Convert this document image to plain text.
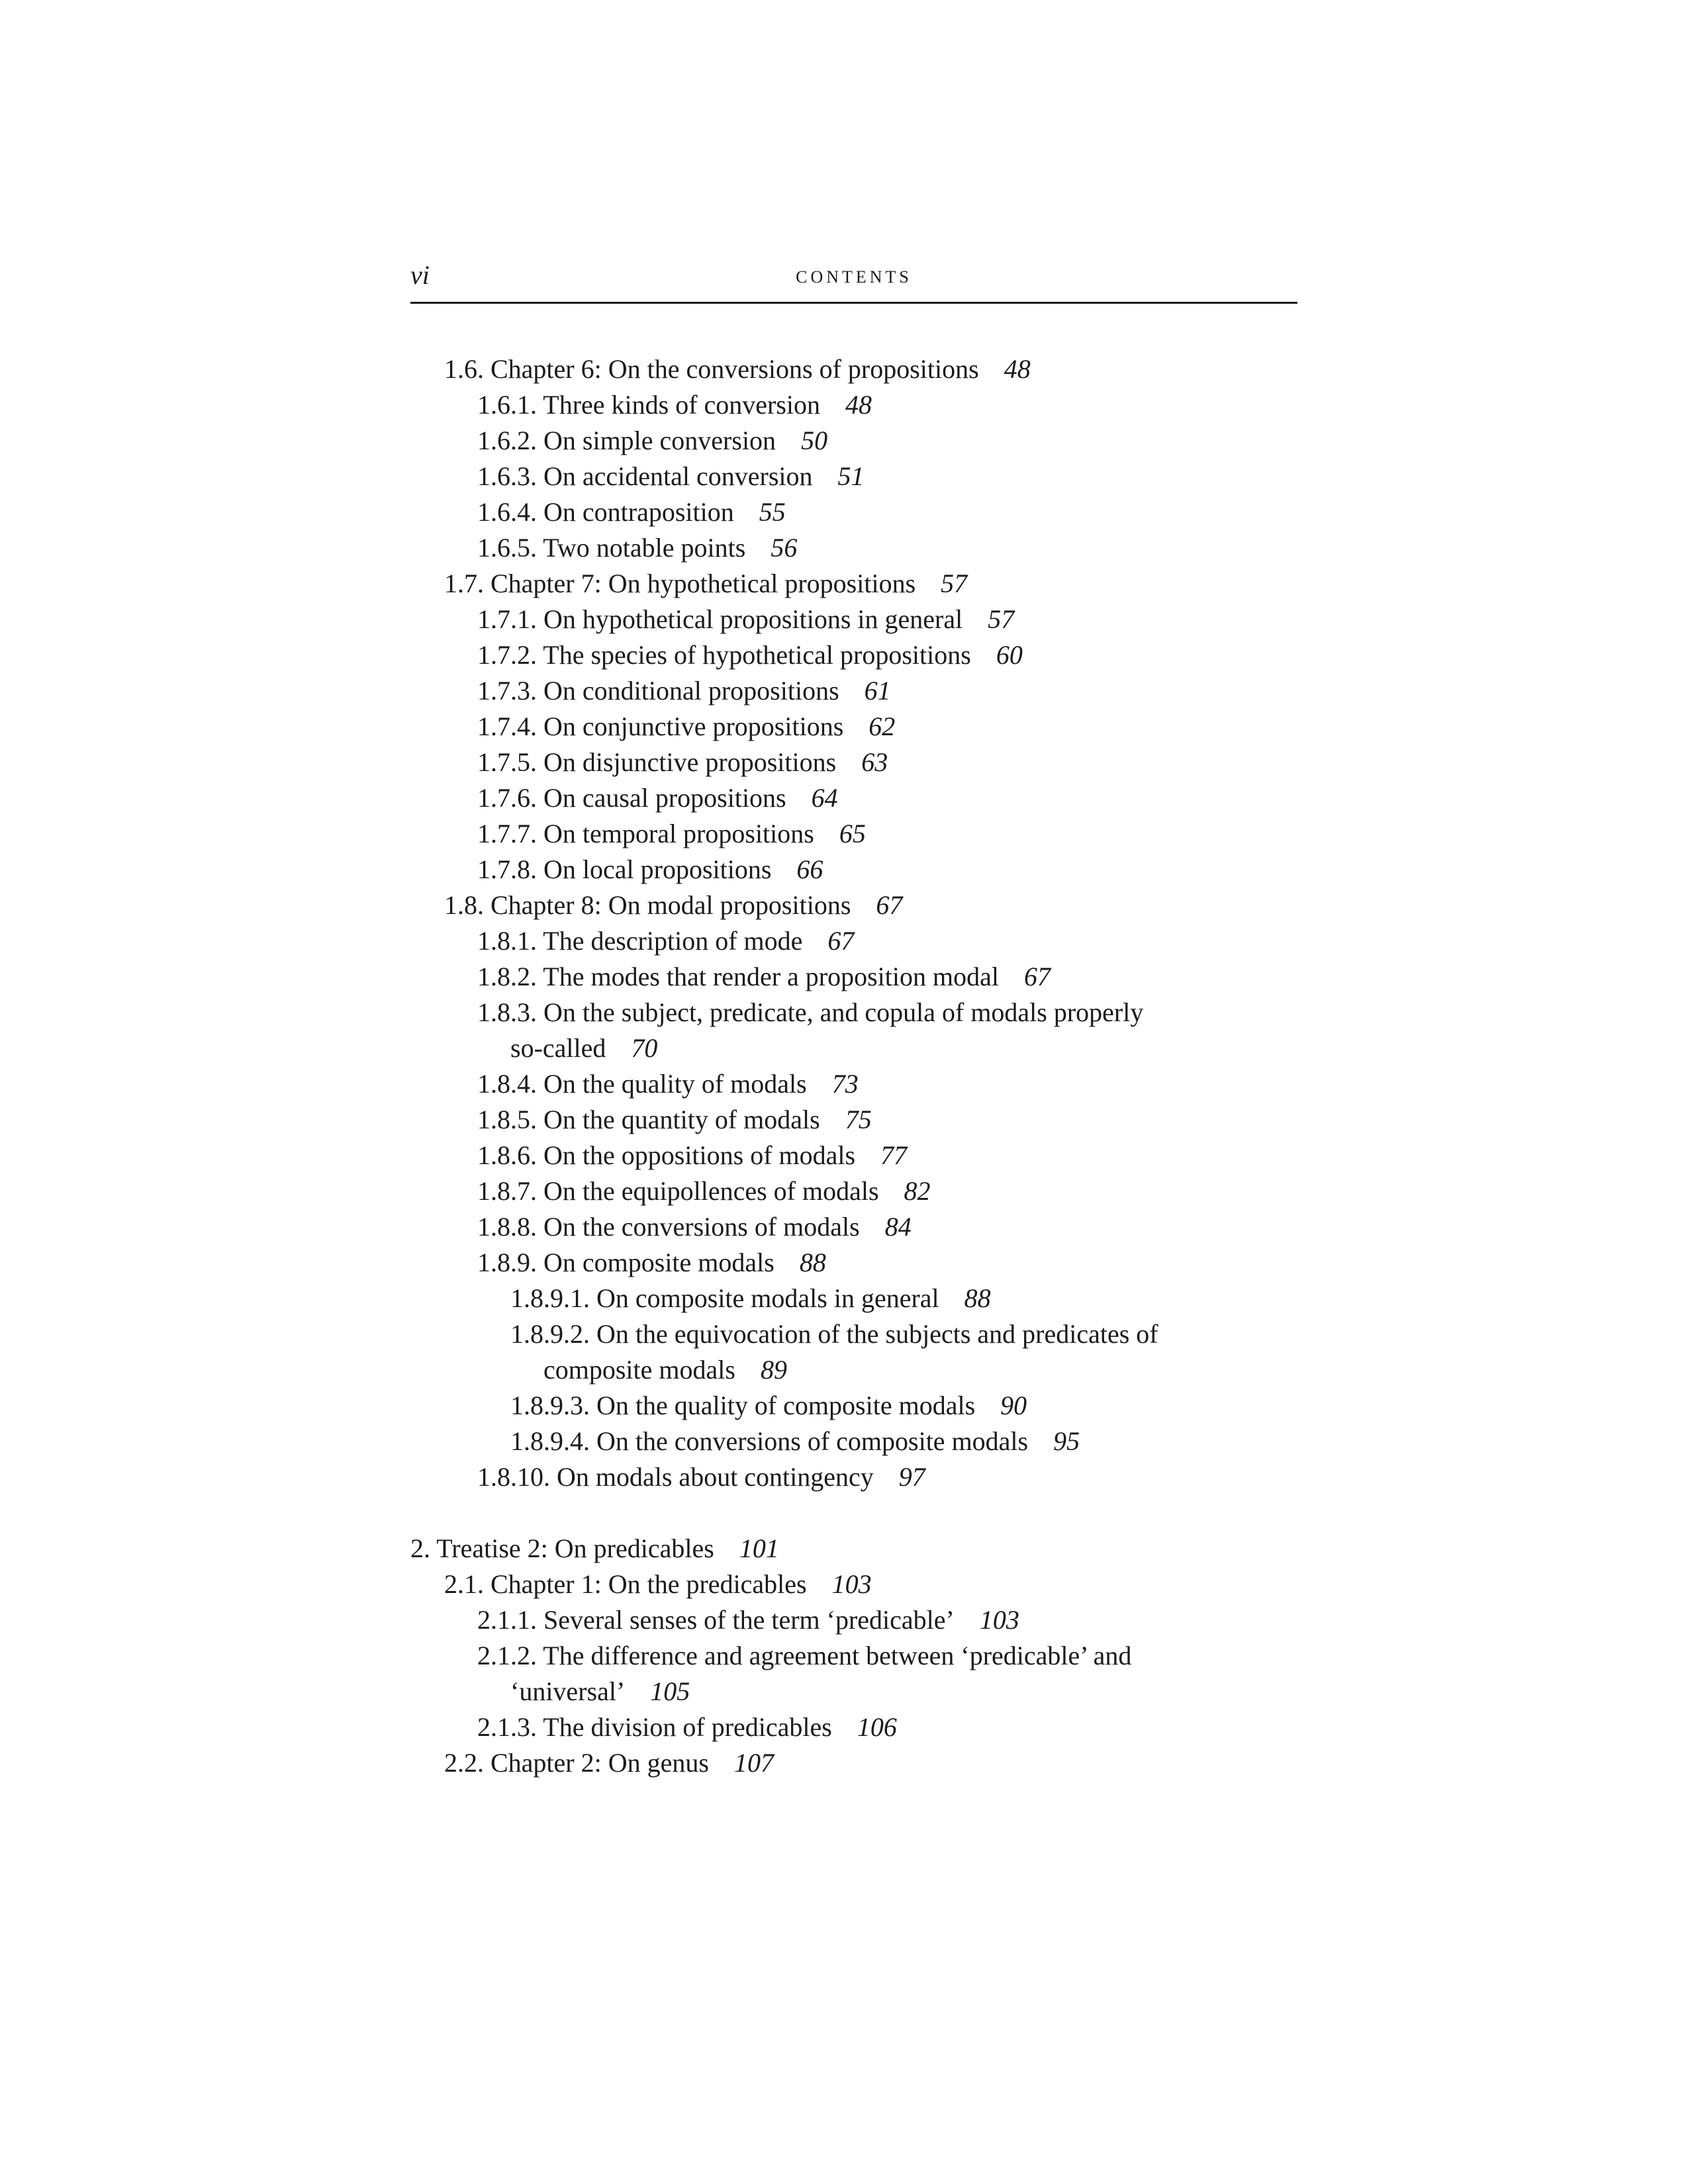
vi	CONTENTS
1.6. Chapter 6: On the conversions of propositions 48
1.6.1. Three kinds of conversion 48
1.6.2. On simple conversion 50
1.6.3. On accidental conversion 51
1.6.4. On contraposition 55
1.6.5. Two notable points 56
1.7. Chapter 7: On hypothetical propositions 57
1.7.1. On hypothetical propositions in general 57
1.7.2. The species of hypothetical propositions 60
1.7.3. On conditional propositions 61
1.7.4. On conjunctive propositions 62
1.7.5. On disjunctive propositions 63
1.7.6. On causal propositions 64
1.7.7. On temporal propositions 65
1.7.8. On local propositions 66
1.8. Chapter 8: On modal propositions 67
1.8.1. The description of mode 67
1.8.2. The modes that render a proposition modal 67
1.8.3. On the subject, predicate, and copula of modals properly
so-called 70
1.8.4. On the quality of modals 73
1.8.5. On the quantity of modals 75
1.8.6. On the oppositions of modals 77
1.8.7. On the equipollences of modals 82
1.8.8. On the conversions of modals 84
1.8.9. On composite modals 88
1.8.9.1. On composite modals in general 88
1.8.9.2. On the equivocation of the subjects and predicates of
composite modals 89
1.8.9.3. On the quality of composite modals 90
1.8.9.4. On the conversions of composite modals 95
1.8.10. On modals about contingency 97
2. Treatise 2: On predicables 101
2.1. Chapter 1: On the predicables 103
2.1.1. Several senses of the term ‘predicable’ 103
2.1.2. The difference and agreement between ‘predicable’ and
‘universal’ 105
2.1.3. The division of predicables 106
2.2. Chapter 2: On genus 107
